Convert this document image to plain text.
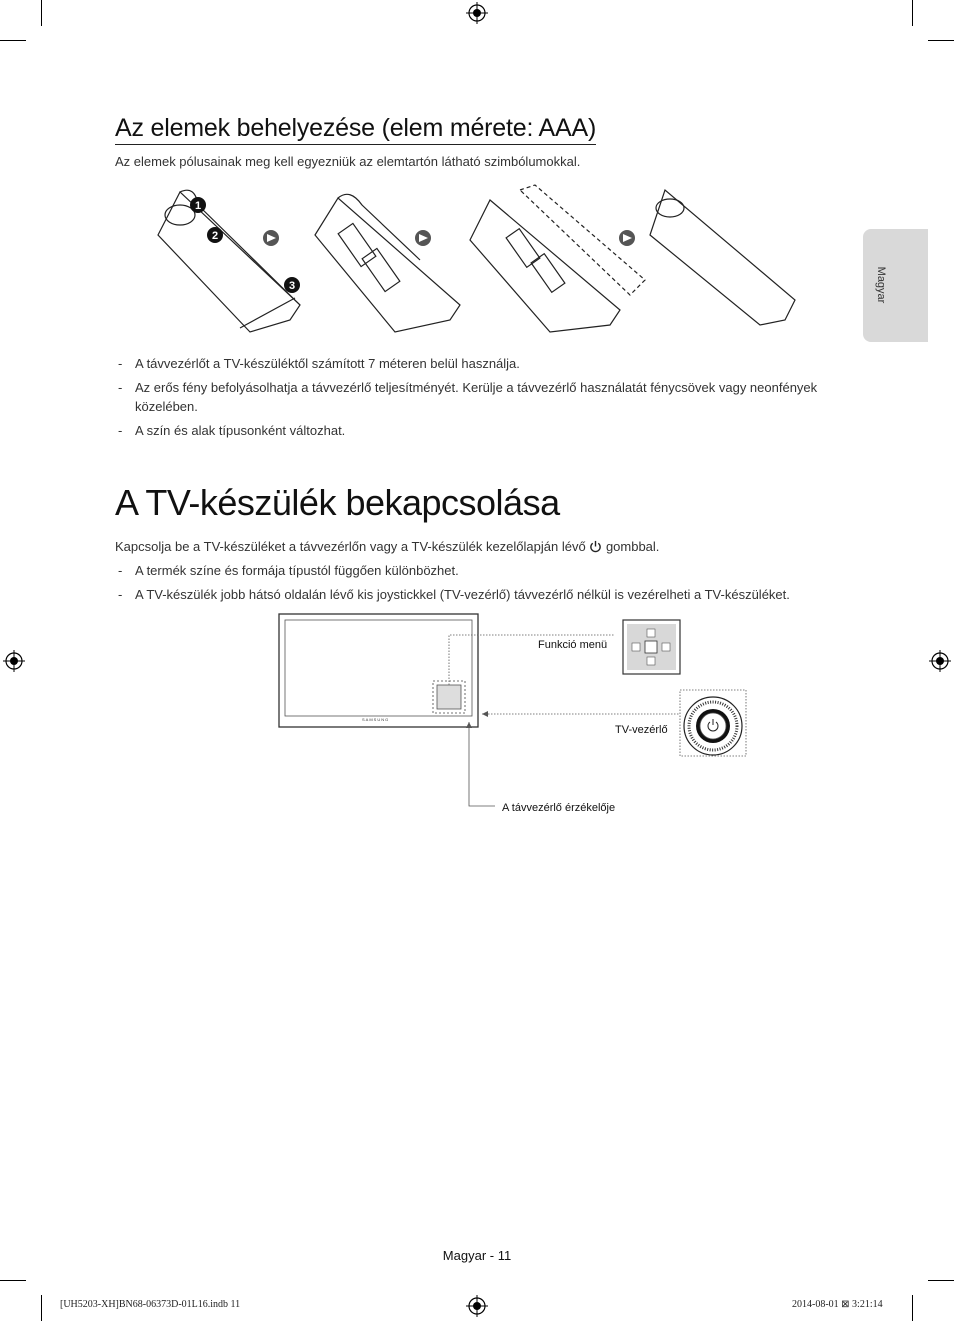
Magyar
Az elemek behelyezése (elem mérete: AAA)
Az elemek pólusainak meg kell egyezniük az elemtartón látható szimbólumokkal.
1
2
3
- A távvezérlőt a TV-készüléktől számított 7 méteren belül használja.
- Az erős fény befolyásolhatja a távvezérlő teljesítményét. Kerülje a távvezérlő használatát fénycsövek vagy neonfények közelében.
- A szín és alak típusonként változhat.
A TV-készülék bekapcsolása
Kapcsolja be a TV-készüléket a távvezérlőn vagy a TV-készülék kezelőlapján lévő gombbal.
- A termék színe és formája típustól függően különbözhet.
- A TV-készülék jobb hátsó oldalán lévő kis joystickkel (TV-vezérlő) távvezérlő nélkül is vezérelheti a TV-készüléket.
SAMSUNG
Funkció menü
TV-vezérlő
A távvezérlő érzékelője
Magyar - 11
[UH5203-XH]BN68-06373D-01L16.indb 11	2014-08-01 ⊠ 3:21:14
